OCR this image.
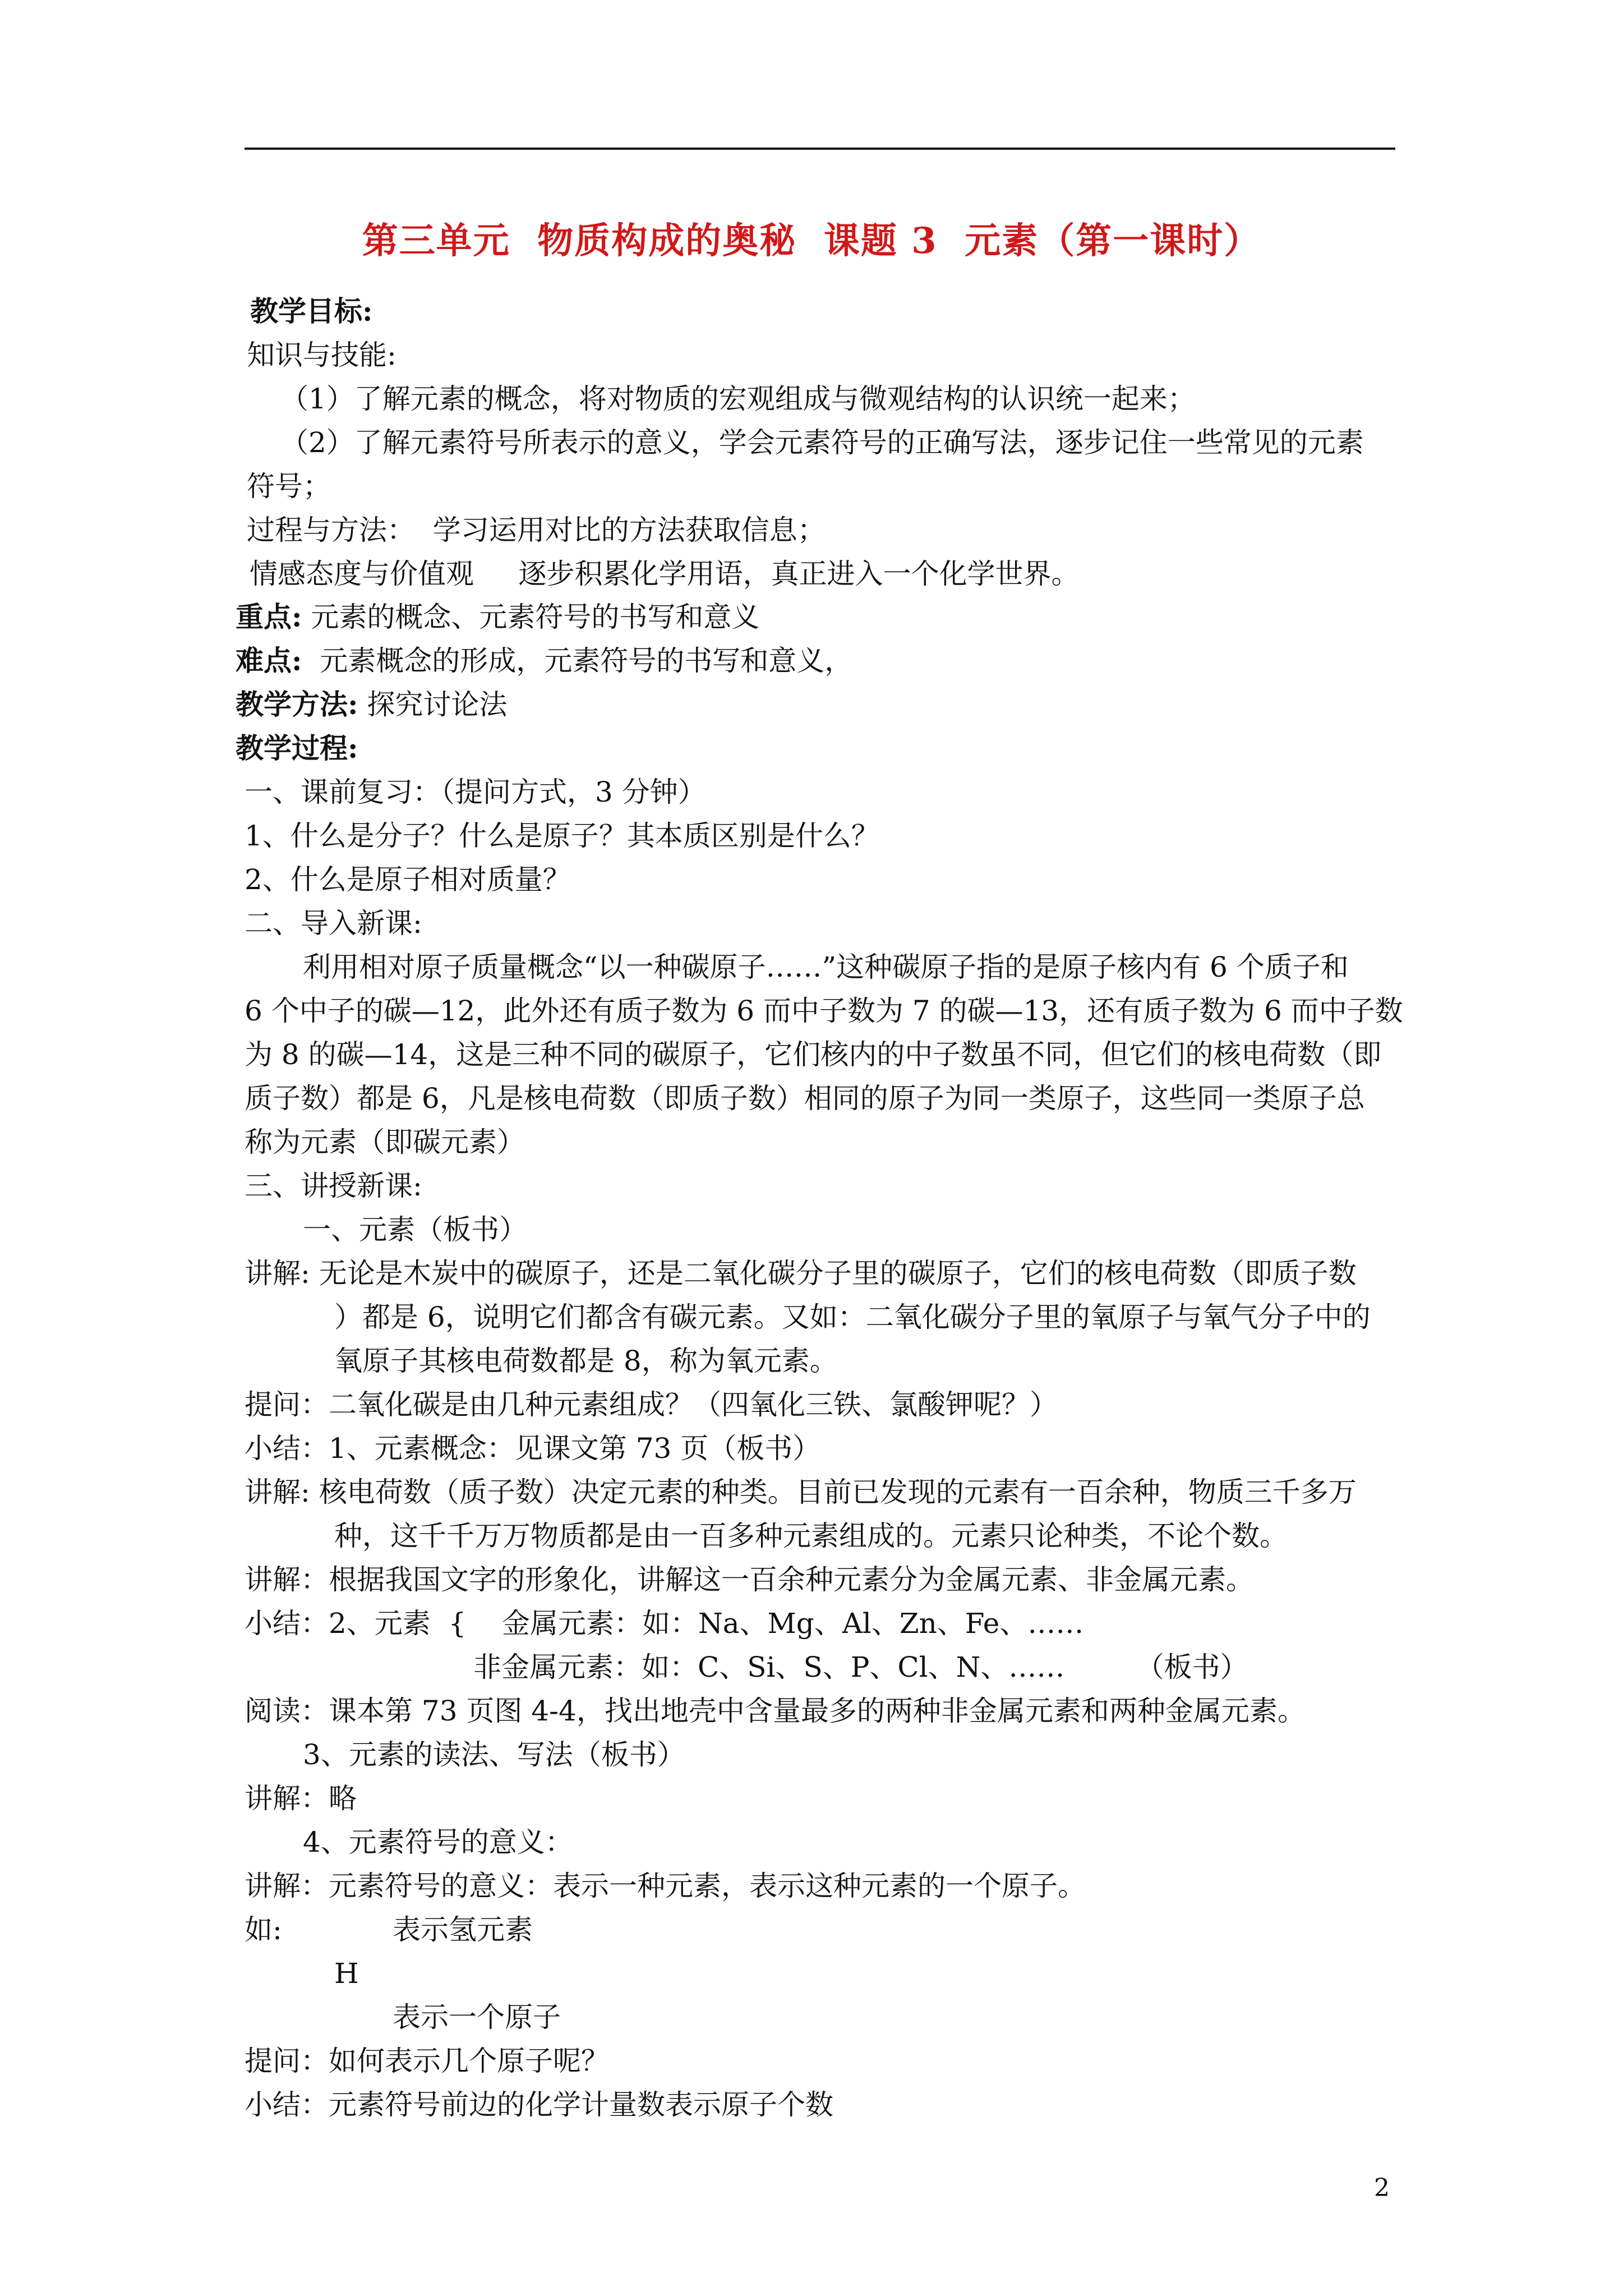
第三单元  物质构成的奥秘  课题 3  元素（第一课时）
教学目标:
知识与技能:
（1）了解元素的概念，将对物质的宏观组成与微观结构的认识统一起来；
（2）了解元素符号所表示的意义，学会元素符号的正确写法，逐步记住一些常见的元素
符号；
过程与方法：  学习运用对比的方法获取信息；
情感态度与价值观     逐步积累化学用语，真正进入一个化学世界。
重点: 元素的概念、元素符号的书写和意义
难点:  元素概念的形成，元素符号的书写和意义，
教学方法: 探究讨论法
教学过程:
一、课前复习：（提问方式，3 分钟）
1、什么是分子？什么是原子？其本质区别是什么？
2、什么是原子相对质量？
二、导入新课:
利用相对原子质量概念“以一种碳原子……”这种碳原子指的是原子核内有 6 个质子和
6 个中子的碳—12，此外还有质子数为 6 而中子数为 7 的碳—13，还有质子数为 6 而中子数
为 8 的碳—14，这是三种不同的碳原子，它们核内的中子数虽不同，但它们的核电荷数（即
质子数）都是 6，凡是核电荷数（即质子数）相同的原子为同一类原子，这些同一类原子总
称为元素（即碳元素）
三、讲授新课:
一、元素（板书）
讲解: 无论是木炭中的碳原子，还是二氧化碳分子里的碳原子，它们的核电荷数（即质子数
）都是 6，说明它们都含有碳元素。又如：二氧化碳分子里的氧原子与氧气分子中的
氧原子其核电荷数都是 8，称为氧元素。
提问：二氧化碳是由几种元素组成？（四氧化三铁、氯酸钾呢？）
小结：1、元素概念：见课文第 73 页（板书）
讲解: 核电荷数（质子数）决定元素的种类。目前已发现的元素有一百余种，物质三千多万
种，这千千万万物质都是由一百多种元素组成的。元素只论种类，不论个数。
讲解：根据我国文字的形象化，讲解这一百余种元素分为金属元素、非金属元素。
小结：2、元素  {    金属元素：如：Na、Mg、Al、Zn、Fe、……
非金属元素：如：C、Si、S、P、Cl、N、……        （板书）
阅读：课本第 73 页图 4-4，找出地壳中含量最多的两种非金属元素和两种金属元素。
3、元素的读法、写法（板书）
讲解：略
4、元素符号的意义：
讲解：元素符号的意义：表示一种元素，表示这种元素的一个原子。
如:	表示氢元素
H
表示一个原子
提问：如何表示几个原子呢？
小结：元素符号前边的化学计量数表示原子个数
2
